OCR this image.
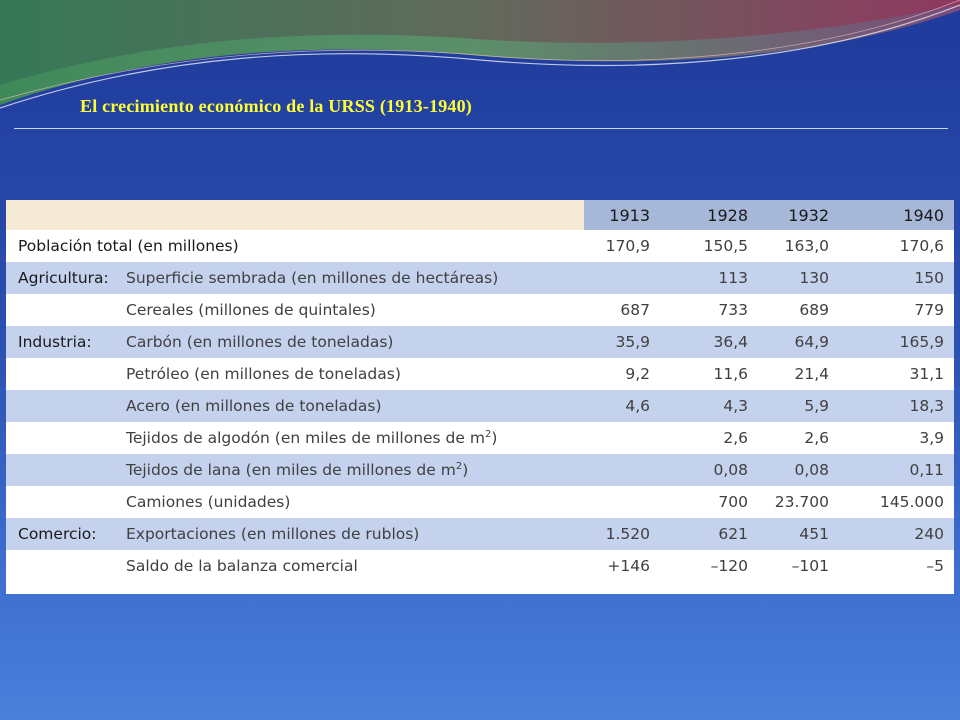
El crecimiento económico de la URSS (1913-1940)
		1913	1928	1932	1940
Población total (en millones)		170,9	150,5	163,0	170,6
Agricultura:	Superficie sembrada (en millones de hectáreas)		113	130	150
	Cereales (millones de quintales)	687	733	689	779
Industria:	Carbón (en millones de toneladas)	35,9	36,4	64,9	165,9
	Petróleo (en millones de toneladas)	9,2	11,6	21,4	31,1
	Acero (en millones de toneladas)	4,6	4,3	5,9	18,3
	Tejidos de algodón (en miles de millones de $m^2$)		2,6	2,6	3,9
	Tejidos de lana (en miles de millones de $m^2$)		0,08	0,08	0,11
	Camiones (unidades)		700	23.700	145.000
Comercio:	Exportaciones (en millones de rublos)	1.520	621	451	240
	Saldo de la balanza comercial	+146	–120	–101	–5
